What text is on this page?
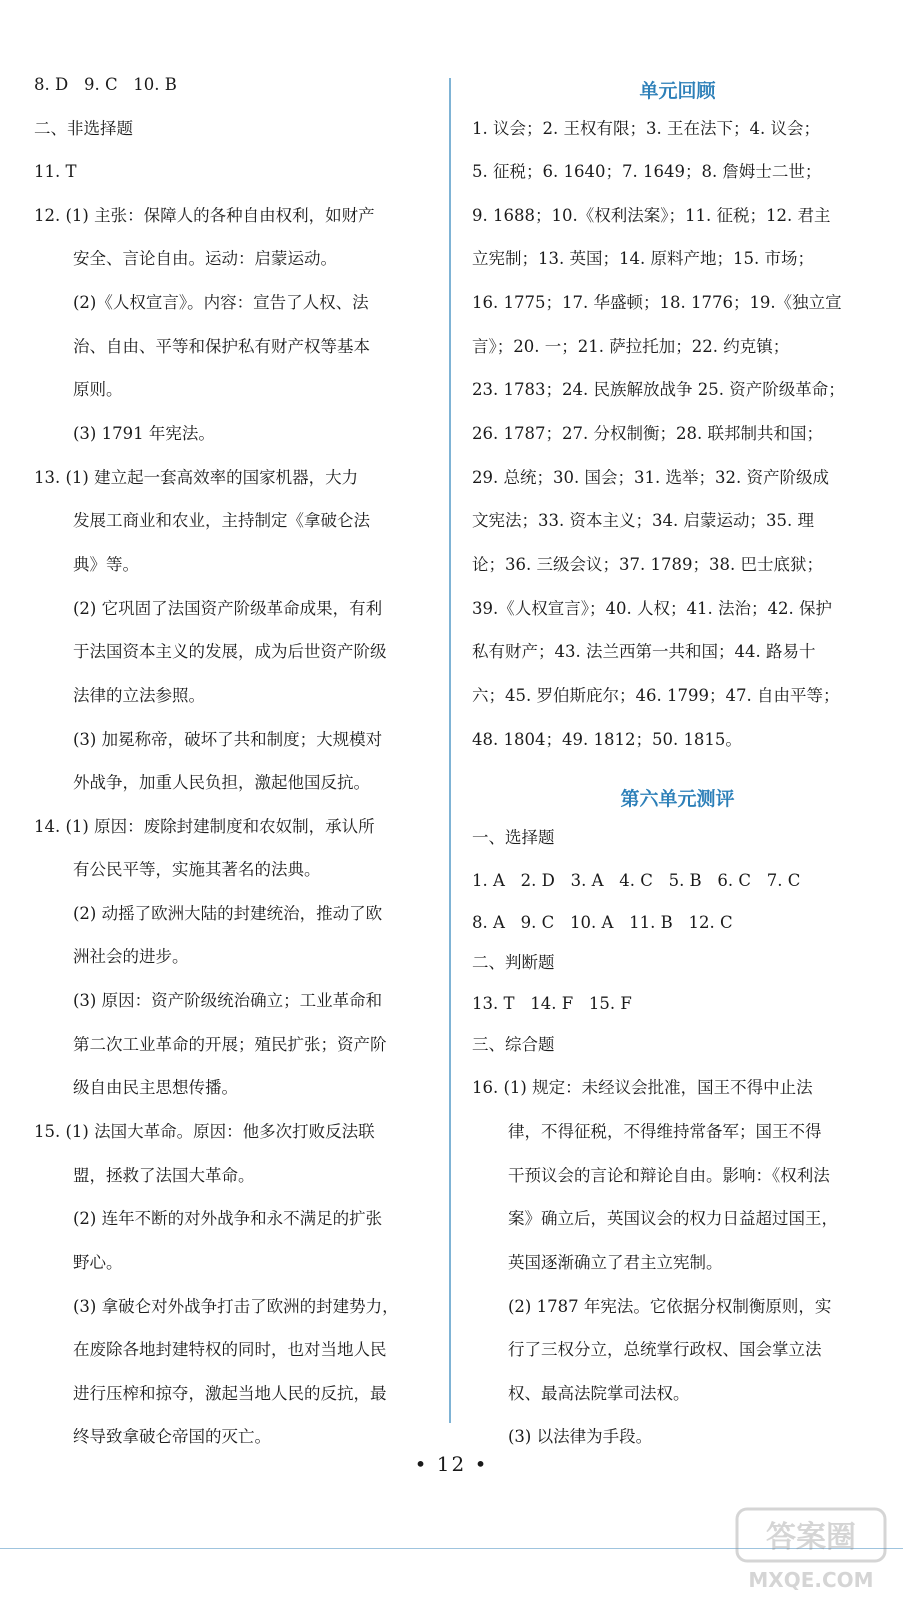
8. D   9. C   10. B
二、非选择题
11. T
12. (1) 主张：保障人的各种自由权利，如财产
安全、言论自由。运动：启蒙运动。
(2)《人权宣言》。内容：宣告了人权、法
治、自由、平等和保护私有财产权等基本
原则。
(3) 1791 年宪法。
13. (1) 建立起一套高效率的国家机器，大力
发展工商业和农业，主持制定《拿破仑法
典》等。
(2) 它巩固了法国资产阶级革命成果，有利
于法国资本主义的发展，成为后世资产阶级
法律的立法参照。
(3) 加冕称帝，破坏了共和制度；大规模对
外战争，加重人民负担，激起他国反抗。
14. (1) 原因：废除封建制度和农奴制，承认所
有公民平等，实施其著名的法典。
(2) 动摇了欧洲大陆的封建统治，推动了欧
洲社会的进步。
(3) 原因：资产阶级统治确立；工业革命和
第二次工业革命的开展；殖民扩张；资产阶
级自由民主思想传播。
15. (1) 法国大革命。原因：他多次打败反法联
盟，拯救了法国大革命。
(2) 连年不断的对外战争和永不满足的扩张
野心。
(3) 拿破仑对外战争打击了欧洲的封建势力，
在废除各地封建特权的同时，也对当地人民
进行压榨和掠夺，激起当地人民的反抗，最
终导致拿破仑帝国的灭亡。
单元回顾
第六单元测评
1. 议会；2. 王权有限；3. 王在法下；4. 议会；
5. 征税；6. 1640；7. 1649；8. 詹姆士二世；
9. 1688；10.《权利法案》；11. 征税；12. 君主
立宪制；13. 英国；14. 原料产地；15. 市场；
16. 1775；17. 华盛顿；18. 1776；19.《独立宣
言》；20. 一；21. 萨拉托加；22. 约克镇；
23. 1783；24. 民族解放战争 25. 资产阶级革命；
26. 1787；27. 分权制衡；28. 联邦制共和国；
29. 总统；30. 国会；31. 选举；32. 资产阶级成
文宪法；33. 资本主义；34. 启蒙运动；35. 理
论；36. 三级会议；37. 1789；38. 巴士底狱；
39.《人权宣言》；40. 人权；41. 法治；42. 保护
私有财产；43. 法兰西第一共和国；44. 路易十
六；45. 罗伯斯庇尔；46. 1799；47. 自由平等；
48. 1804；49. 1812；50. 1815。
一、选择题
1. A   2. D   3. A   4. C   5. B   6. C   7. C
8. A   9. C   10. A   11. B   12. C
二、判断题
13. T   14. F   15. F
三、综合题
16. (1) 规定：未经议会批准，国王不得中止法
律，不得征税，不得维持常备军；国王不得
干预议会的言论和辩论自由。影响：《权利法
案》确立后，英国议会的权力日益超过国王，
英国逐渐确立了君主立宪制。
(2) 1787 年宪法。它依据分权制衡原则，实
行了三权分立，总统掌行政权、国会掌立法
权、最高法院掌司法权。
(3) 以法律为手段。
• 12 •
答案圈
MXQE.COM
